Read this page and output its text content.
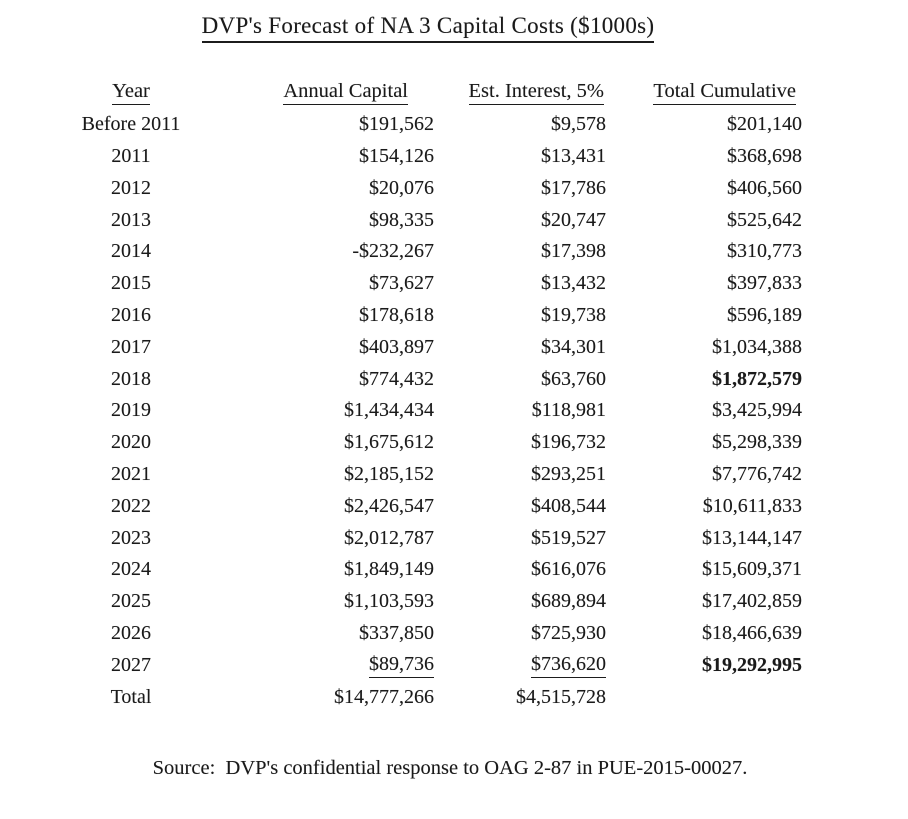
DVP's Forecast of NA 3 Capital Costs ($1000s)
Year	Annual Capital	Est. Interest, 5%	Total Cumulative
Before 2011	$191,562	$9,578	$201,140
2011	$154,126	$13,431	$368,698
2012	$20,076	$17,786	$406,560
2013	$98,335	$20,747	$525,642
2014	-$232,267	$17,398	$310,773
2015	$73,627	$13,432	$397,833
2016	$178,618	$19,738	$596,189
2017	$403,897	$34,301	$1,034,388
2018	$774,432	$63,760	$1,872,579
2019	$1,434,434	$118,981	$3,425,994
2020	$1,675,612	$196,732	$5,298,339
2021	$2,185,152	$293,251	$7,776,742
2022	$2,426,547	$408,544	$10,611,833
2023	$2,012,787	$519,527	$13,144,147
2024	$1,849,149	$616,076	$15,609,371
2025	$1,103,593	$689,894	$17,402,859
2026	$337,850	$725,930	$18,466,639
2027	$89,736	$736,620	$19,292,995
Total	$14,777,266	$4,515,728	
Source:  DVP's confidential response to OAG 2-87 in PUE-2015-00027.
